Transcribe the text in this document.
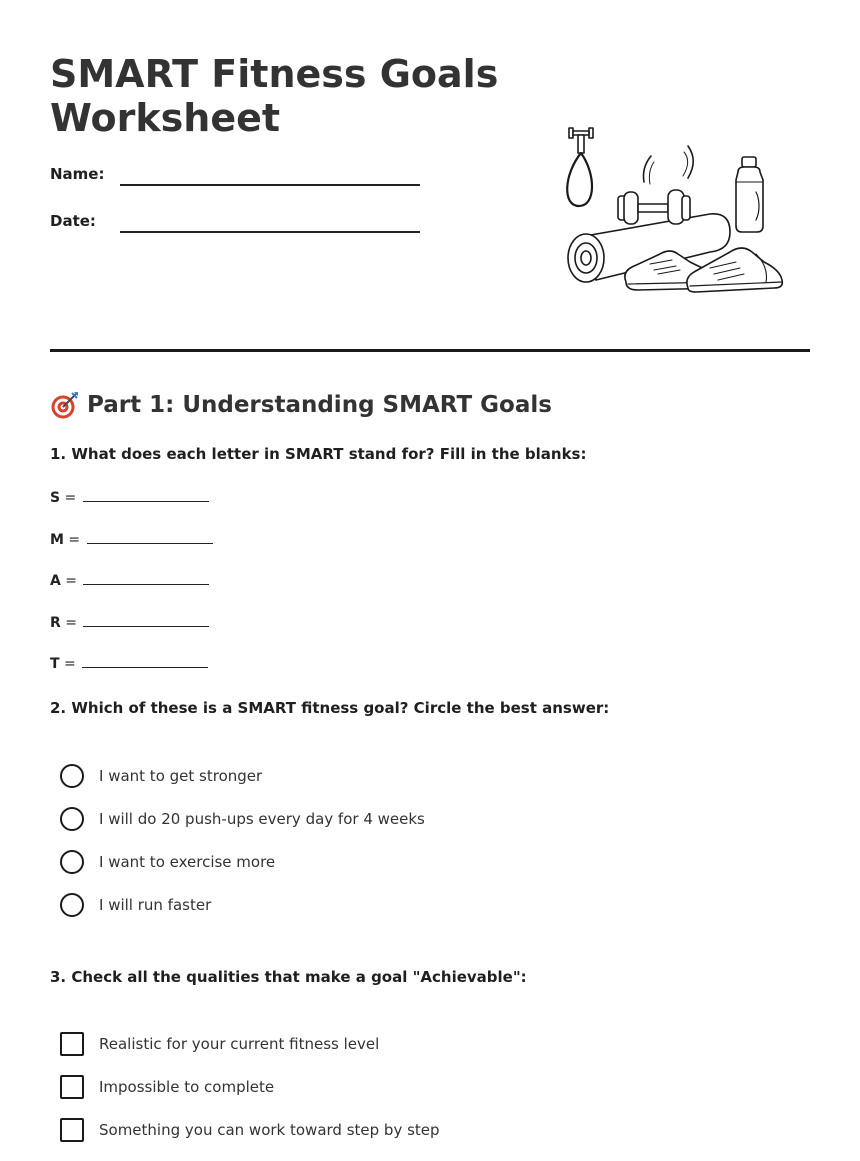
SMART Fitness Goals Worksheet
Name:
Date:
Part 1: Understanding SMART Goals

1. What does each letter in SMART stand for? Fill in the blanks:

S =
M =
A =
R =
T =

2. Which of these is a SMART fitness goal? Circle the best answer:

I want to get stronger
I will do 20 push-ups every day for 4 weeks
I want to exercise more
I will run faster

3. Check all the qualities that make a goal "Achievable":

Realistic for your current fitness level
Impossible to complete
Something you can work toward step by step
